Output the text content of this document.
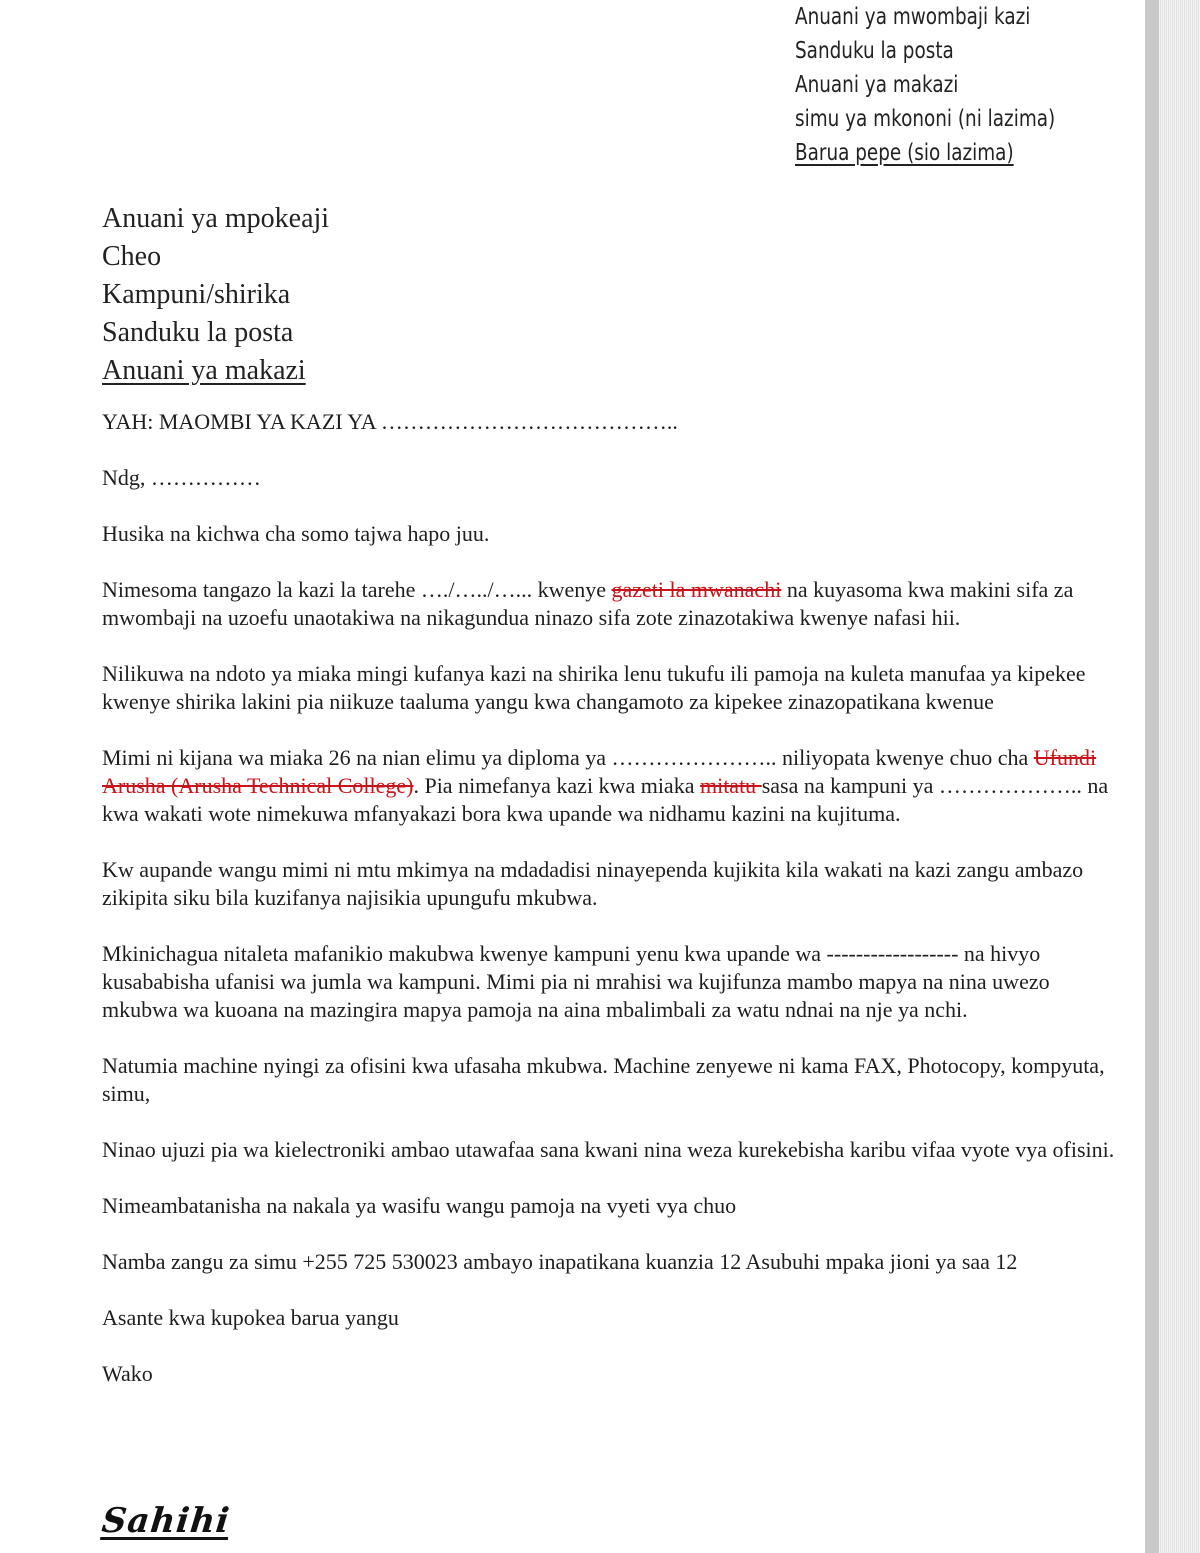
Anuani ya mwombaji kazi
Sanduku la posta
Anuani ya makazi
simu ya mkononi (ni lazima)
Barua pepe (sio lazima)
Anuani ya mpokeaji
Cheo
Kampuni/shirika
Sanduku la posta
Anuani ya makazi

YAH: MAOMBI YA KAZI YA …………………………………..

Ndg, ……………

Husika na kichwa cha somo tajwa hapo juu.

Nimesoma tangazo la kazi la tarehe …./…../…... kwenye gazeti la mwanachi na kuyasoma kwa makini sifa za mwombaji na uzoefu unaotakiwa na nikagundua ninazo sifa zote zinazotakiwa kwenye nafasi hii.

Nilikuwa na ndoto ya miaka mingi kufanya kazi na shirika lenu tukufu ili pamoja na kuleta manufaa ya kipekee kwenye shirika lakini pia niikuze taaluma yangu kwa changamoto za kipekee zinazopatikana kwenue

Mimi ni kijana wa miaka 26 na nian elimu ya diploma ya ………………….. niliyopata kwenye chuo cha Ufundi Arusha (Arusha Technical College). Pia nimefanya kazi kwa miaka mitatu sasa na kampuni ya ……………….. na kwa wakati wote nimekuwa mfanyakazi bora kwa upande wa nidhamu kazini na kujituma.

Kw aupande wangu mimi ni mtu mkimya na mdadadisi ninayependa kujikita kila wakati na kazi zangu ambazo zikipita siku bila kuzifanya najisikia upungufu mkubwa.

Mkinichagua nitaleta mafanikio makubwa kwenye kampuni yenu kwa upande wa ------------------ na hivyo kusababisha ufanisi wa jumla wa kampuni. Mimi pia ni mrahisi wa kujifunza mambo mapya na nina uwezo mkubwa wa kuoana na mazingira mapya pamoja na aina mbalimbali za watu ndnai na nje ya nchi.

Natumia machine nyingi za ofisini kwa ufasaha mkubwa. Machine zenyewe ni kama FAX, Photocopy, kompyuta, simu,

Ninao ujuzi pia wa kielectroniki ambao utawafaa sana kwani nina weza kurekebisha karibu vifaa vyote vya ofisini.

Nimeambatanisha na nakala ya wasifu wangu pamoja na vyeti vya chuo

Namba zangu za simu +255 725 530023 ambayo inapatikana kuanzia 12 Asubuhi mpaka jioni ya saa 12

Asante kwa kupokea barua yangu

Wako

Sahihi
